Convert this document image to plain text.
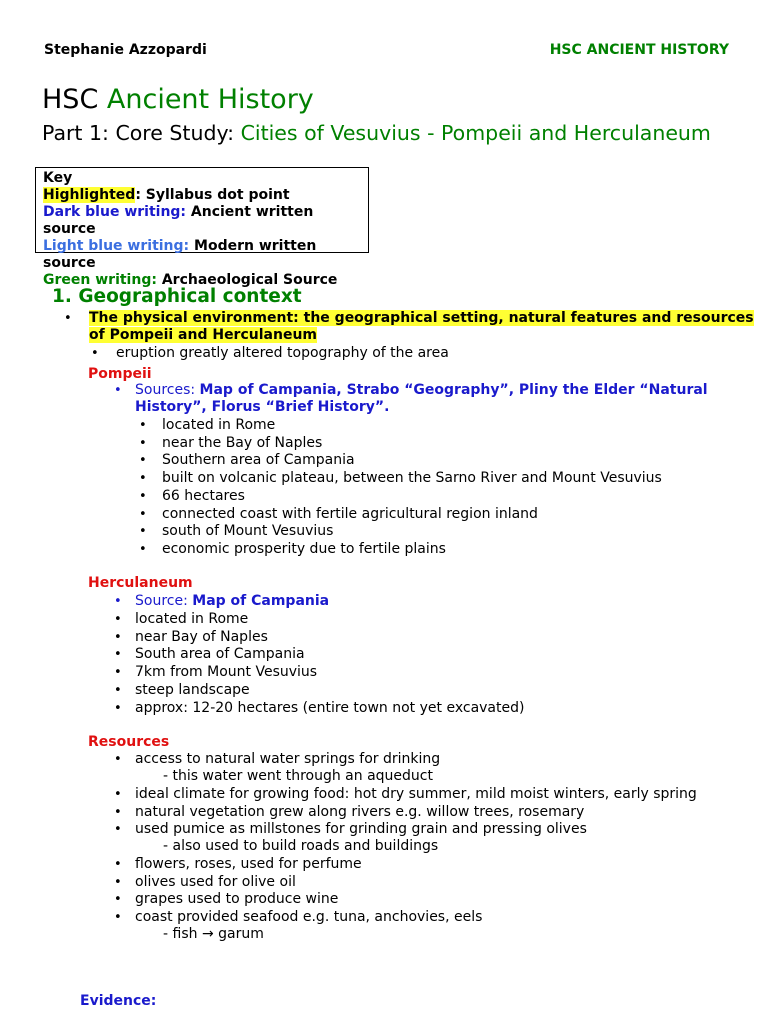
Stephanie Azzopardi	HSC ANCIENT HISTORY
HSC Ancient History
Part 1: Core Study: Cities of Vesuvius - Pompeii and Herculaneum
Key
Highlighted: Syllabus dot point
Dark blue writing: Ancient written source
Light blue writing: Modern written source
Green writing: Archaeological Source
1. Geographical context
• The physical environment: the geographical setting, natural features and resources
of Pompeii and Herculaneum
• eruption greatly altered topography of the area
Pompeii
• Sources: Map of Campania, Strabo “Geography”, Pliny the Elder “Natural
History”, Florus “Brief History”.
• located in Rome
• near the Bay of Naples
• Southern area of Campania
• built on volcanic plateau, between the Sarno River and Mount Vesuvius
• 66 hectares
• connected coast with fertile agricultural region inland
• south of Mount Vesuvius
• economic prosperity due to fertile plains
Herculaneum
• Source: Map of Campania
• located in Rome
• near Bay of Naples
• South area of Campania
• 7km from Mount Vesuvius
• steep landscape
• approx: 12-20 hectares (entire town not yet excavated)
Resources
• access to natural water springs for drinking
- this water went through an aqueduct
• ideal climate for growing food: hot dry summer, mild moist winters, early spring
• natural vegetation grew along rivers e.g. willow trees, rosemary
• used pumice as millstones for grinding grain and pressing olives
- also used to build roads and buildings
• flowers, roses, used for perfume
• olives used for olive oil
• grapes used to produce wine
• coast provided seafood e.g. tuna, anchovies, eels
- fish → garum
Evidence:
